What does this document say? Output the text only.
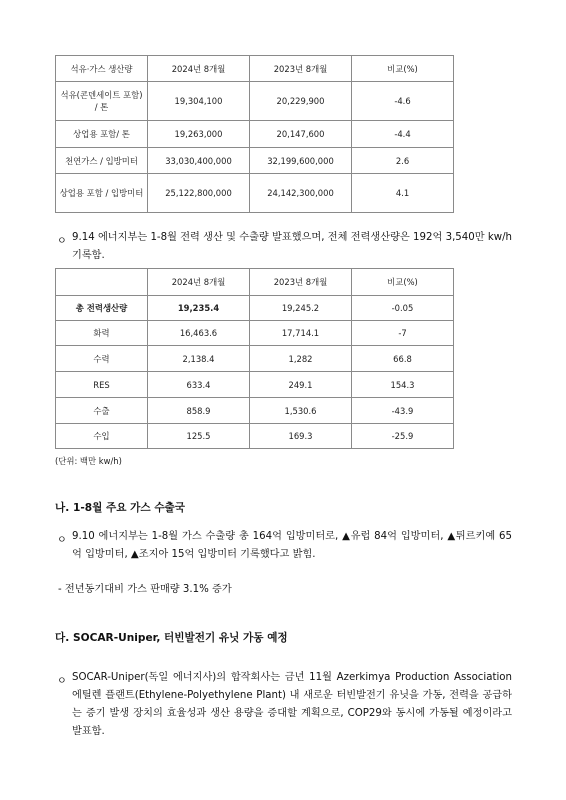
석유·가스 생산량	2024년 8개월	2023년 8개월	비교(%)
석유(콘덴세이트 포함) / 톤	19,304,100	20,229,900	-4.6
상업용 포함/ 톤	19,263,000	20,147,600	-4.4
천연가스 / 입방미터	33,030,400,000	32,199,600,000	2.6
상업용 포함 / 입방미터	25,122,800,000	24,142,300,000	4.1
ㅇ 9.14 에너지부는 1-8월 전력 생산 및 수출량 발표했으며, 전체 전력생산량은 192억 3,540만 kw/h 기록함.

	2024년 8개월	2023년 8개월	비교(%)
총 전력생산량	19,235.4	19,245.2	-0.05
화력	16,463.6	17,714.1	-7
수력	2,138.4	1,282	66.8
RES	633.4	249.1	154.3
수출	858.9	1,530.6	-43.9
수입	125.5	169.3	-25.9
(단위: 백만 kw/h)
나. 1-8월 주요 가스 수출국
ㅇ 9.10 에너지부는 1-8월 가스 수출량 총 164억 입방미터로, ▲유럽 84억 입방미터, ▲튀르키예 65억 입방미터, ▲조지아 15억 입방미터 기록했다고 밝힘.

- 전년동기대비 가스 판매량 3.1% 증가

다. SOCAR-Uniper, 터빈발전기 유닛 가동 예정
ㅇ SOCAR-Uniper(독일 에너지사)의 합작회사는 금년 11월 Azerkimya Production Association 에틸렌 플랜트(Ethylene-Polyethylene Plant) 내 새로운 터빈발전기 유닛을 가동, 전력을 공급하는 증기 발생 장치의 효율성과 생산 용량을 증대할 계획으로, COP29와 동시에 가동될 예정이라고 발표함.
